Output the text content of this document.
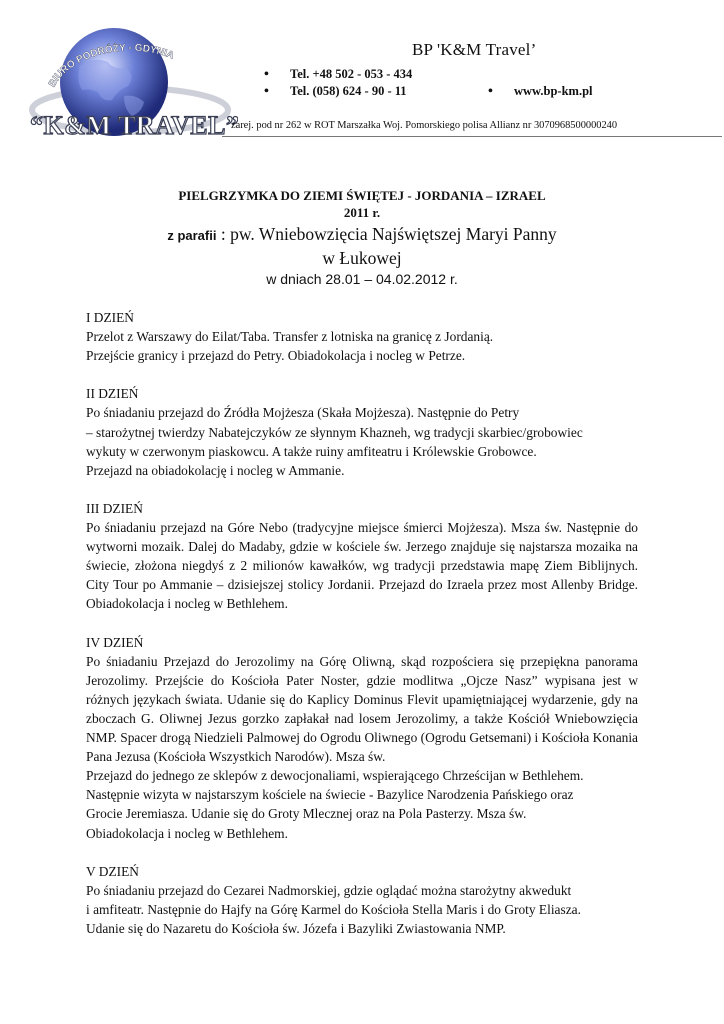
BIURO PODRÓŻY - GDYNIA
“K&M TRAVEL”
BP 'K&M Travel’
•	Tel. +48 502 - 053 - 434
•	Tel. (058) 624 - 90 - 11	•	www.bp-km.pl
zarej. pod nr 262 w ROT Marszałka Woj. Pomorskiego polisa Allianz nr 3070968500000240
PIELGRZYMKA DO ZIEMI ŚWIĘTEJ - JORDANIA – IZRAEL
2011 r.
z parafii : pw. Wniebowzięcia Najświętszej Maryi Panny
w Łukowej
w dniach 28.01 – 04.02.2012 r.

I DZIEŃ

Przelot z Warszawy do Eilat/Taba. Transfer z lotniska na granicę z Jordanią.

Przejście granicy i przejazd do Petry. Obiadokolacja i nocleg w Petrze.

II DZIEŃ

Po śniadaniu przejazd do Źródła Mojżesza (Skała Mojżesza). Następnie do Petry

– starożytnej twierdzy Nabatejczyków ze słynnym Khazneh, wg tradycji skarbiec/grobowiec

wykuty w czerwonym piaskowcu. A także ruiny amfiteatru i Królewskie Grobowce.

Przejazd na obiadokolację i nocleg w Ammanie.

III DZIEŃ

Po śniadaniu przejazd na Góre Nebo (tradycyjne miejsce śmierci Mojżesza). Msza św. Następnie do wytworni mozaik. Dalej do Madaby, gdzie w kościele św. Jerzego znajduje się najstarsza mozaika na świecie, złożona niegdyś z 2 milionów kawałków, wg tradycji przedstawia mapę Ziem Biblijnych. City Tour po Ammanie – dzisiejszej stolicy Jordanii. Przejazd do Izraela przez most Allenby Bridge. Obiadokolacja i nocleg w Bethlehem.

IV DZIEŃ

Po śniadaniu Przejazd do Jerozolimy na Górę Oliwną, skąd rozpościera się przepiękna panorama Jerozolimy. Przejście do Kościoła Pater Noster, gdzie modlitwa „Ojcze Nasz” wypisana jest w różnych językach świata. Udanie się do Kaplicy Dominus Flevit upamiętniającej wydarzenie, gdy na zboczach G. Oliwnej Jezus gorzko zapłakał nad losem Jerozolimy, a także Kościół Wniebowzięcia NMP. Spacer drogą Niedzieli Palmowej do Ogrodu Oliwnego (Ogrodu Getsemani) i Kościoła Konania Pana Jezusa (Kościoła Wszystkich Narodów). Msza św.

Przejazd do jednego ze sklepów z dewocjonaliami, wspierającego Chrześcijan w Bethlehem.

Następnie wizyta w najstarszym kościele na świecie - Bazylice Narodzenia Pańskiego oraz

Grocie Jeremiasza. Udanie się do Groty Mlecznej oraz na Pola Pasterzy. Msza św.

Obiadokolacja i nocleg w Bethlehem.

V DZIEŃ

Po śniadaniu przejazd do Cezarei Nadmorskiej, gdzie oglądać można starożytny akwedukt

i amfiteatr. Następnie do Hajfy na Górę Karmel do Kościoła Stella Maris i do Groty Eliasza.

Udanie się do Nazaretu do Kościoła św. Józefa i Bazyliki Zwiastowania NMP.
